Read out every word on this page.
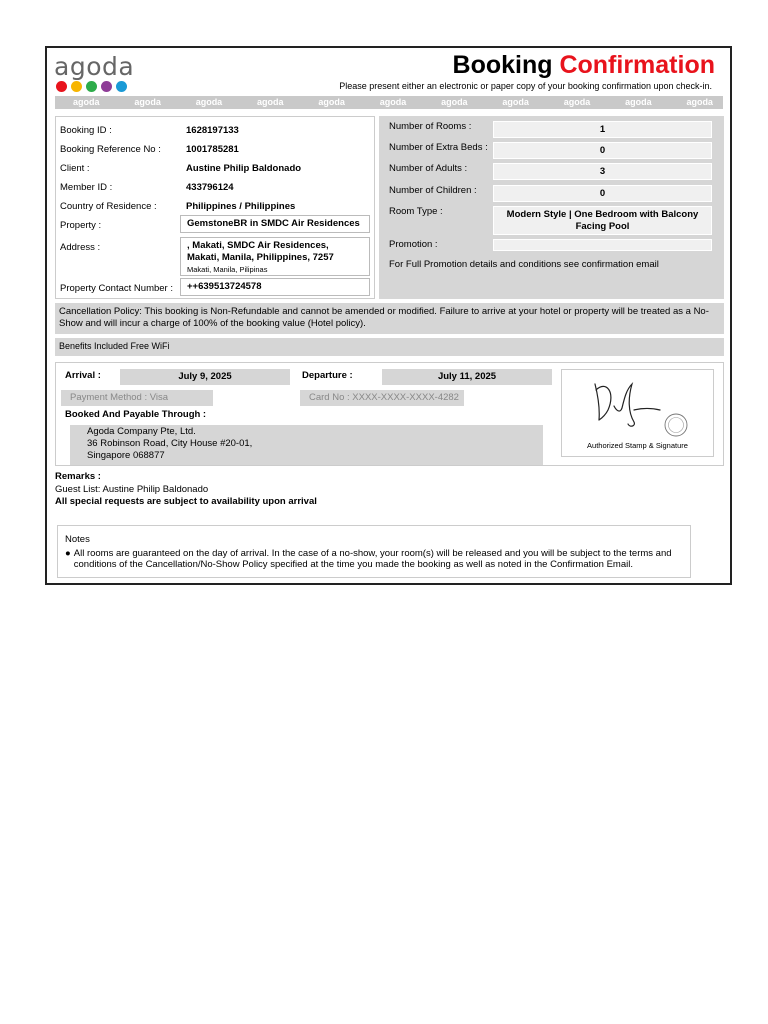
agoda	Booking Confirmation
Please present either an electronic or paper copy of your booking confirmation upon check-in.
agoda	agoda	agoda	agoda	agoda	agoda	agoda	agoda	agoda	agoda	agoda
Booking ID :	1628197133
Booking Reference No :	1001785281
Client :	Austine Philip Baldonado
Member ID :	433796124
Country of Residence :	Philippines / Philippines
Property :	GemstoneBR in SMDC Air Residences
Address :	, Makati, SMDC Air Residences, Makati, Manila, Philippines, 7257
Makati, Manila, Pilipinas
Property Contact Number :	++639513724578
Number of Rooms :	1
Number of Extra Beds :	0
Number of Adults :	3
Number of Children :	0
Room Type :	Modern Style | One Bedroom with Balcony Facing Pool
Promotion :
For Full Promotion details and conditions see confirmation email
Cancellation Policy: This booking is Non-Refundable and cannot be amended or modified. Failure to arrive at your hotel or property will be treated as a No-Show and will incur a charge of 100% of the booking value (Hotel policy).
Benefits Included Free WiFi
Arrival :	July 9, 2025	Departure :	July 11, 2025
Payment Method : Visa	Card No : XXXX-XXXX-XXXX-4282
Booked And Payable Through :
Agoda Company Pte, Ltd.
36 Robinson Road, City House #20-01,
Singapore 068877
Authorized Stamp & Signature
Remarks :
Guest List: Austine Philip Baldonado
All special requests are subject to availability upon arrival
Notes
● All rooms are guaranteed on the day of arrival. In the case of a no-show, your room(s) will be released and you will be subject to the terms and conditions of the Cancellation/No-Show Policy specified at the time you made the booking as well as noted in the Confirmation Email.
